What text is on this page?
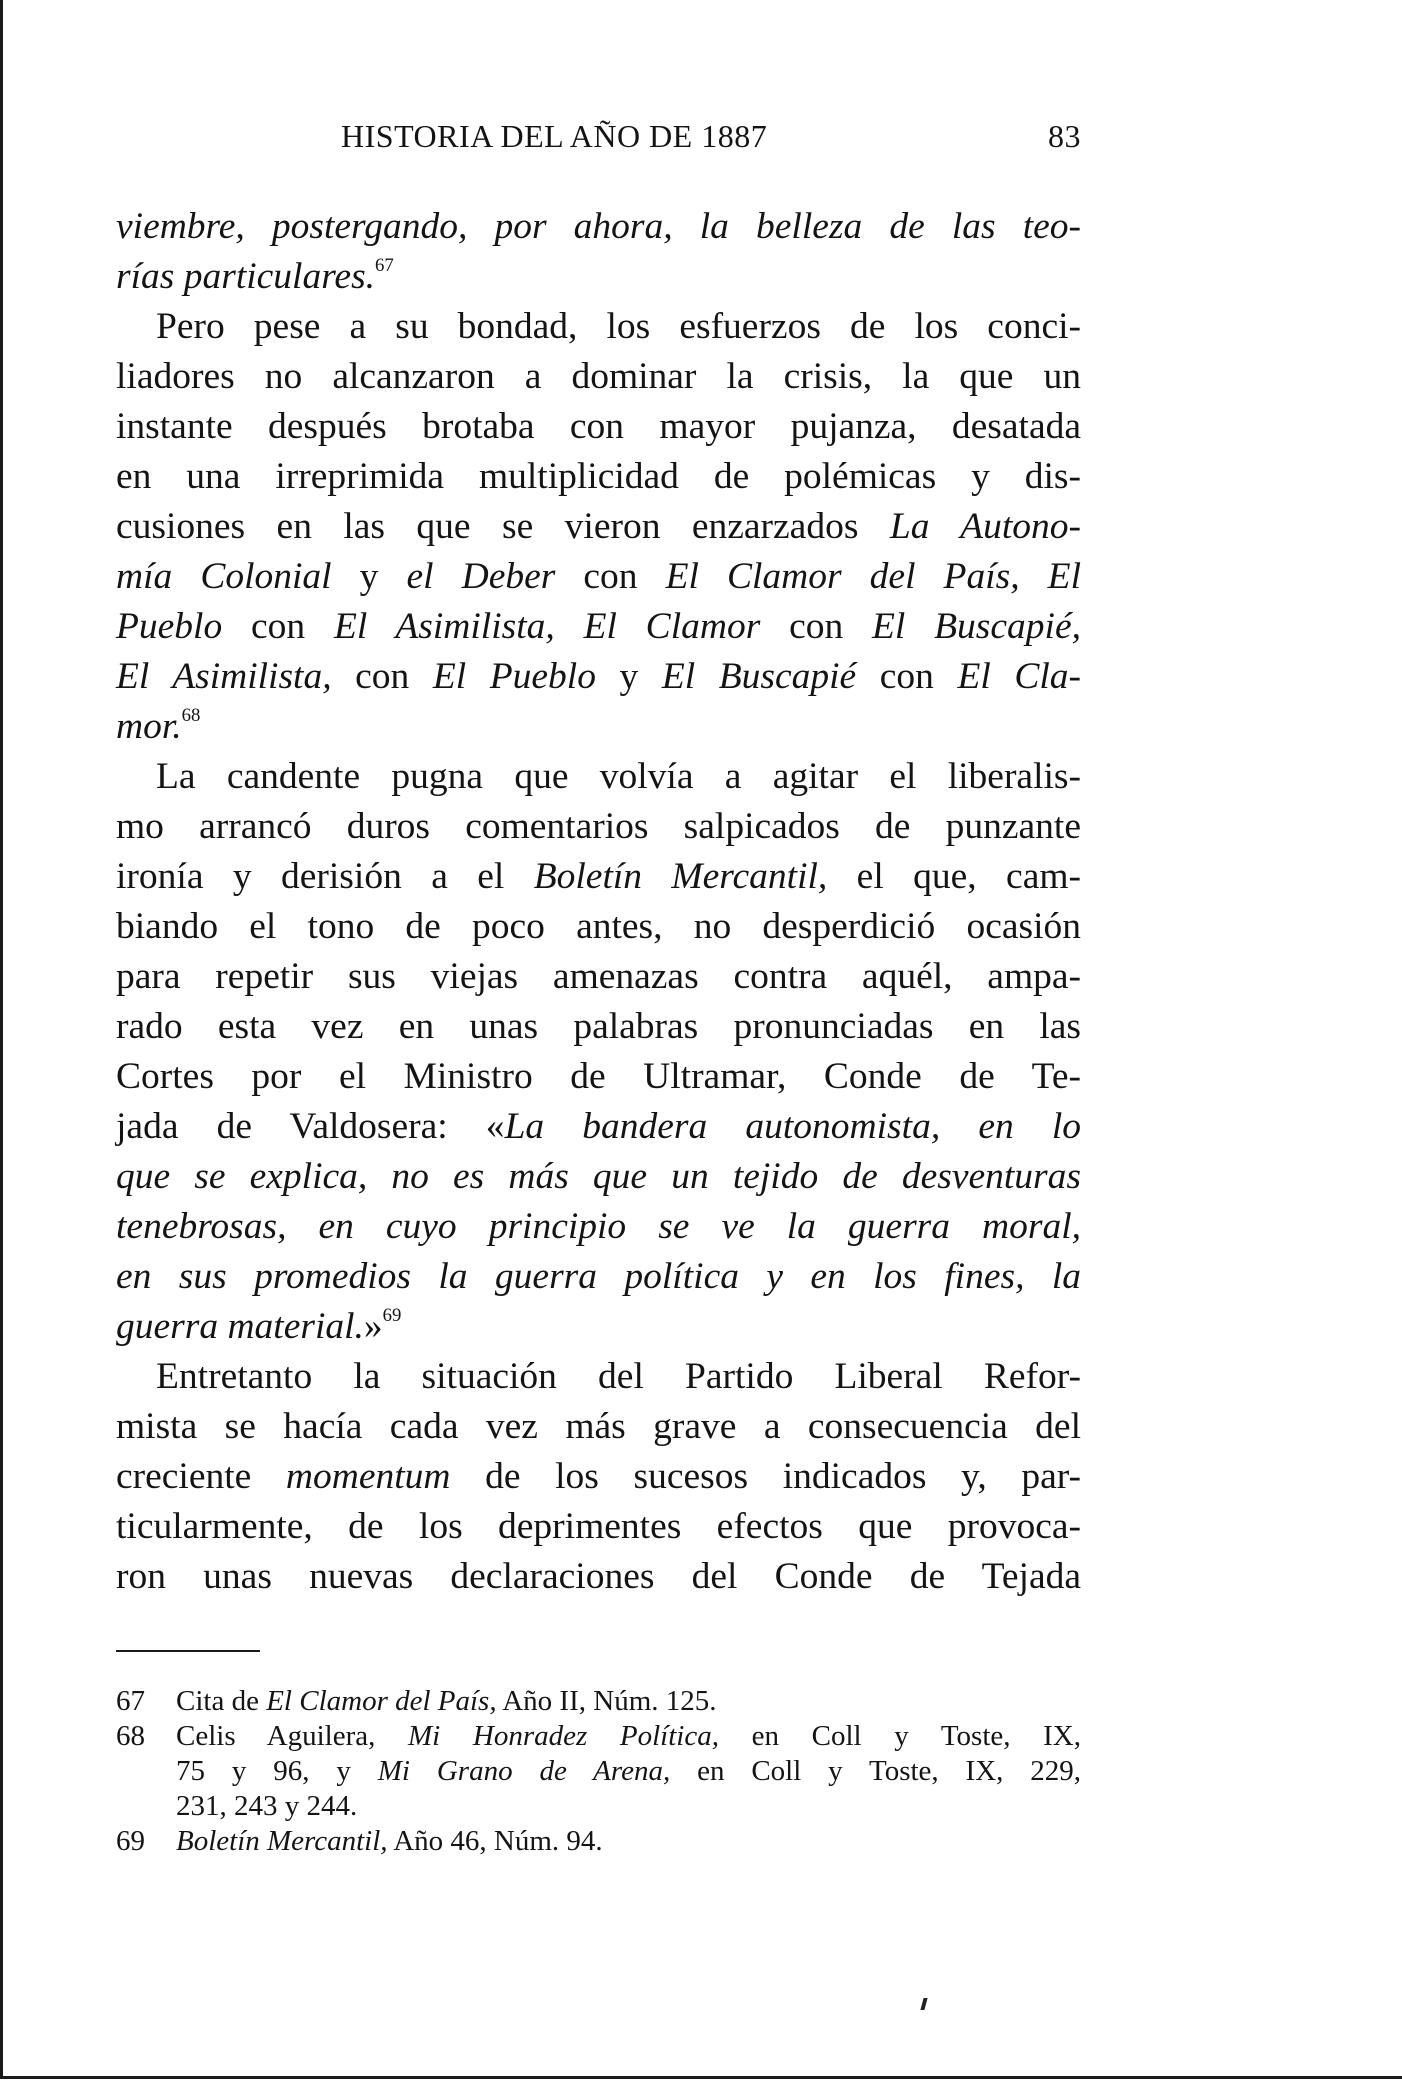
HISTORIA DEL AÑO DE 1887	83
viembre, postergando, por ahora, la belleza de las teo-
rías particulares.$^{67}$
Pero pese a su bondad, los esfuerzos de los conci-
liadores no alcanzaron a dominar la crisis, la que un
instante después brotaba con mayor pujanza, desatada
en una irreprimida multiplicidad de polémicas y dis-
cusiones en las que se vieron enzarzados La Autono-
mía Colonial y el Deber con El Clamor del País, El
Pueblo con El Asimilista, El Clamor con El Buscapié,
El Asimilista, con El Pueblo y El Buscapié con El Cla-
mor.$^{68}$
La candente pugna que volvía a agitar el liberalis-
mo arrancó duros comentarios salpicados de punzante
ironía y derisión a el Boletín Mercantil, el que, cam-
biando el tono de poco antes, no desperdició ocasión
para repetir sus viejas amenazas contra aquél, ampa-
rado esta vez en unas palabras pronunciadas en las
Cortes por el Ministro de Ultramar, Conde de Te-
jada de Valdosera: «La bandera autonomista, en lo
que se explica, no es más que un tejido de desventuras
tenebrosas, en cuyo principio se ve la guerra moral,
en sus promedios la guerra política y en los fines, la
guerra material.»$^{69}$
Entretanto la situación del Partido Liberal Refor-
mista se hacía cada vez más grave a consecuencia del
creciente momentum de los sucesos indicados y, par-
ticularmente, de los deprimentes efectos que provoca-
ron unas nuevas declaraciones del Conde de Tejada
67 Cita de El Clamor del País, Año II, Núm. 125.
68 Celis Aguilera, Mi Honradez Política, en Coll y Toste, IX,
75 y 96, y Mi Grano de Arena, en Coll y Toste, IX, 229,
231, 243 y 244.
69 Boletín Mercantil, Año 46, Núm. 94.
